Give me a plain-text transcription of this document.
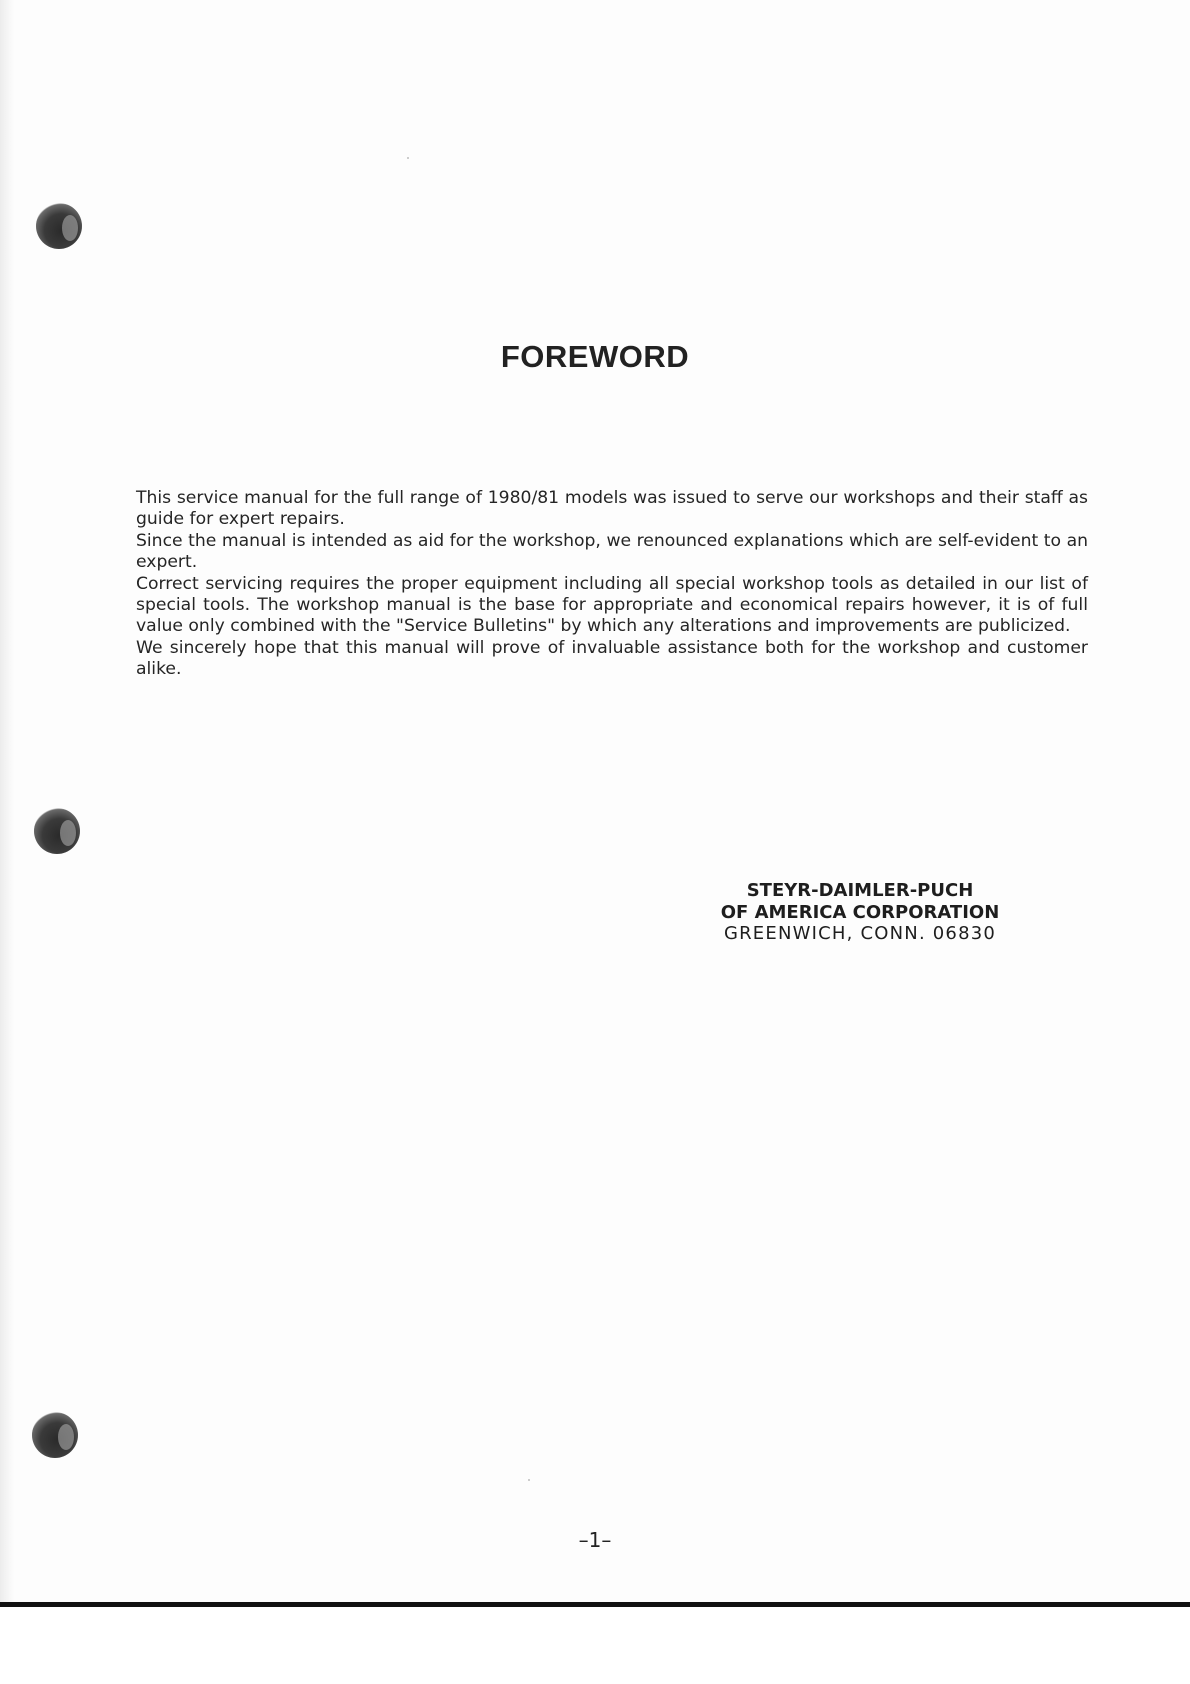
FOREWORD

This service manual for the full range of 1980/81 models was issued to serve our workshops and their staff as guide for expert repairs.

Since the manual is intended as aid for the workshop, we renounced explanations which are self-evident to an expert.

Correct servicing requires the proper equipment including all special workshop tools as detailed in our list of special tools. The workshop manual is the base for appropriate and economical repairs however, it is of full value only combined with the "Service Bulletins" by which any alterations and improvements are publicized.

We sincerely hope that this manual will prove of invaluable assistance both for the workshop and customer alike.

STEYR-DAIMLER-PUCH
OF AMERICA CORPORATION
GREENWICH, CONN. 06830
–1–
